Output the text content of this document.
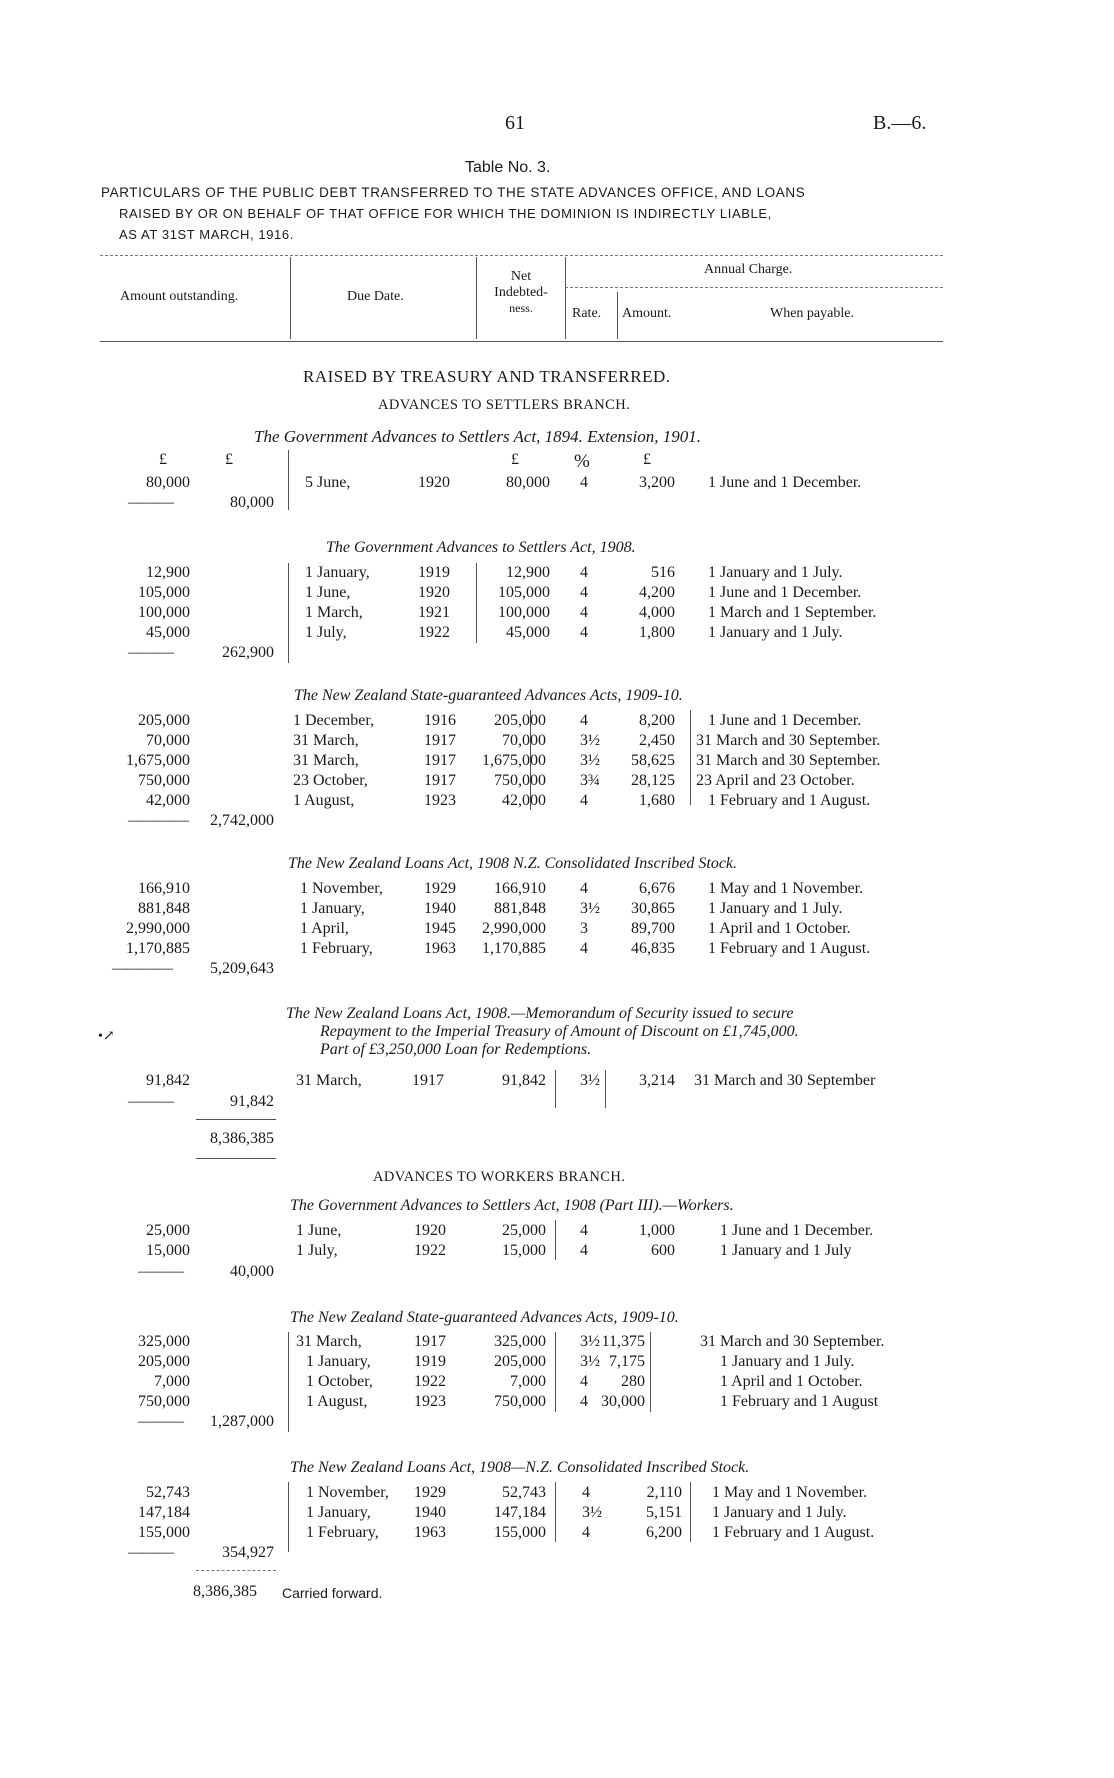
61	B.—6.
Table No. 3.
PARTICULARS OF THE PUBLIC DEBT TRANSFERRED TO THE STATE ADVANCES OFFICE, AND LOANS
RAISED BY OR ON BEHALF OF THAT OFFICE FOR WHICH THE DOMINION IS INDIRECTLY LIABLE,
AS AT 31ST MARCH, 1916.
Amount outstanding.	Due Date.
Net
Indebted-
ness.
Annual Charge.
Rate. Amount.	When payable.
RAISED BY TREASURY AND TRANSFERRED.
ADVANCES TO SETTLERS BRANCH.
The Government Advances to Settlers Act, 1894. Extension, 1901.
£	£	£	%	£
80,000	5 June,	1920	80,000 4	3,200 1 June and 1 December.
———	80,000
The Government Advances to Settlers Act, 1908.
12,900	1 January,	1919	12,900 4	516 1 January and 1 July.
105,000	1 June,	1920	105,000 4	4,200 1 June and 1 December.
100,000	1 March,	1921	100,000 4	4,000 1 March and 1 September.
45,000	1 July,	1922	45,000 4	1,800 1 January and 1 July.
———	262,900
The New Zealand State-guaranteed Advances Acts, 1909-10.
205,000	1 December,	1916	205,000 4	8,200 1 June and 1 December.
70,000	31 March,	1917	70,000 3½	2,450 31 March and 30 September.
1,675,000	31 March,	1917	1,675,000 3½	58,625 31 March and 30 September.
750,000	23 October,	1917	750,000 3¾	28,125 23 April and 23 October.
42,000	1 August,	1923	42,000 4	1,680 1 February and 1 August.
————	2,742,000
The New Zealand Loans Act, 1908 N.Z. Consolidated Inscribed Stock.
166,910	1 November,	1929	166,910 4	6,676 1 May and 1 November.
881,848	1 January,	1940	881,848 3½	30,865 1 January and 1 July.
2,990,000	1 April,	1945	2,990,000 3	89,700 1 April and 1 October.
1,170,885	1 February,	1963	1,170,885 4	46,835 1 February and 1 August.
————	5,209,643
The New Zealand Loans Act, 1908.—Memorandum of Security issued to secure
Repayment to the Imperial Treasury of Amount of Discount on £1,745,000.
Part of £3,250,000 Loan for Redemptions.
•↗
91,842	31 March,	1917	91,842 3½	3,214 31 March and 30 September
———	91,842
8,386,385
ADVANCES TO WORKERS BRANCH.
The Government Advances to Settlers Act, 1908 (Part III).—Workers.
25,000	1 June,	1920	25,000 4	1,000	1 June and 1 December.
15,000	1 July,	1922	15,000 4	600	1 January and 1 July
———	40,000
The New Zealand State-guaranteed Advances Acts, 1909-10.
325,000	31 March,	1917	325,000 3½ 11,375	31 March and 30 September.
205,000	1 January,	1919	205,000 3½ 7,175	1 January and 1 July.
7,000	1 October,	1922	7,000 4	280	1 April and 1 October.
750,000	1 August,	1923	750,000 4 30,000	1 February and 1 August
———	1,287,000
The New Zealand Loans Act, 1908—N.Z. Consolidated Inscribed Stock.
52,743	1 November, 1929	52,743 4	2,110 1 May and 1 November.
147,184	1 January,	1940	147,184 3½	5,151 1 January and 1 July.
155,000	1 February, 1963	155,000 4	6,200 1 February and 1 August.
———	354,927
8,386,385 Carried forward.
